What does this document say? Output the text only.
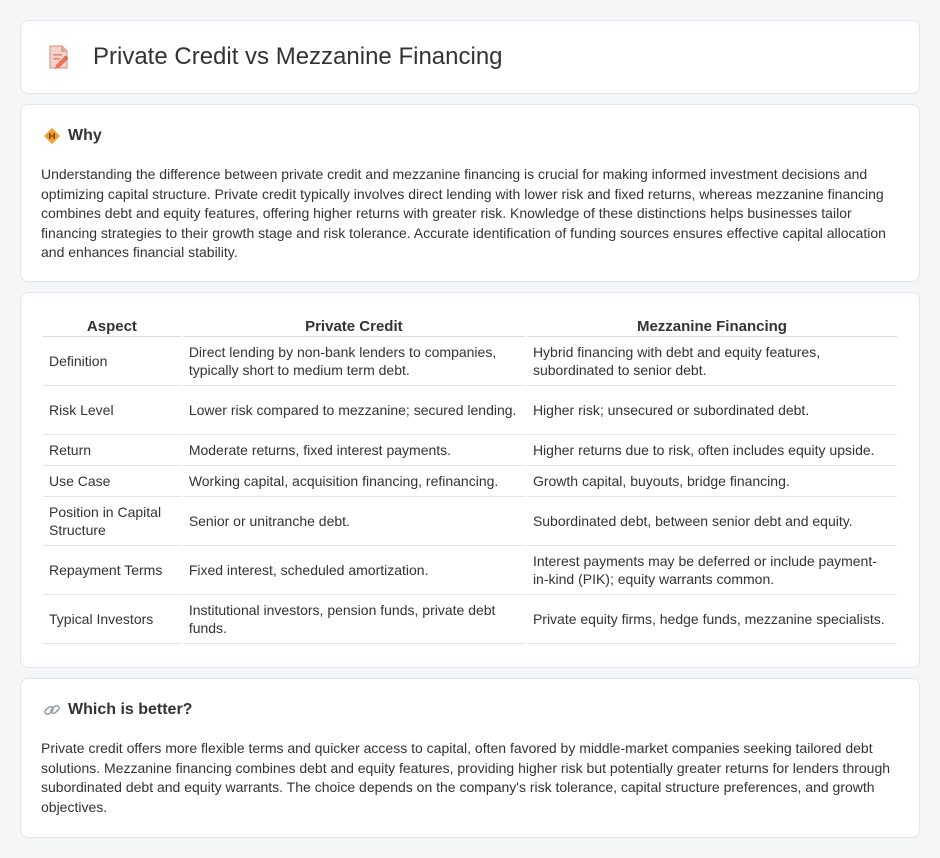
Private Credit vs Mezzanine Financing
Why

Understanding the difference between private credit and mezzanine financing is crucial for making informed investment decisions and optimizing capital structure. Private credit typically involves direct lending with lower risk and fixed returns, whereas mezzanine financing combines debt and equity features, offering higher returns with greater risk. Knowledge of these distinctions helps businesses tailor financing strategies to their growth stage and risk tolerance. Accurate identification of funding sources ensures effective capital allocation and enhances financial stability.

Aspect	Private Credit	Mezzanine Financing
Definition	Direct lending by non-bank lenders to companies, typically short to medium term debt.	Hybrid financing with debt and equity features, subordinated to senior debt.
Risk Level	Lower risk compared to mezzanine; secured lending.	Higher risk; unsecured or subordinated debt.
Return	Moderate returns, fixed interest payments.	Higher returns due to risk, often includes equity upside.
Use Case	Working capital, acquisition financing, refinancing.	Growth capital, buyouts, bridge financing.
Position in Capital Structure	Senior or unitranche debt.	Subordinated debt, between senior debt and equity.
Repayment Terms	Fixed interest, scheduled amortization.	Interest payments may be deferred or include payment-in-kind (PIK); equity warrants common.
Typical Investors	Institutional investors, pension funds, private debt funds.	Private equity firms, hedge funds, mezzanine specialists.
Which is better?

Private credit offers more flexible terms and quicker access to capital, often favored by middle-market companies seeking tailored debt solutions. Mezzanine financing combines debt and equity features, providing higher risk but potentially greater returns for lenders through subordinated debt and equity warrants. The choice depends on the company's risk tolerance, capital structure preferences, and growth objectives.
